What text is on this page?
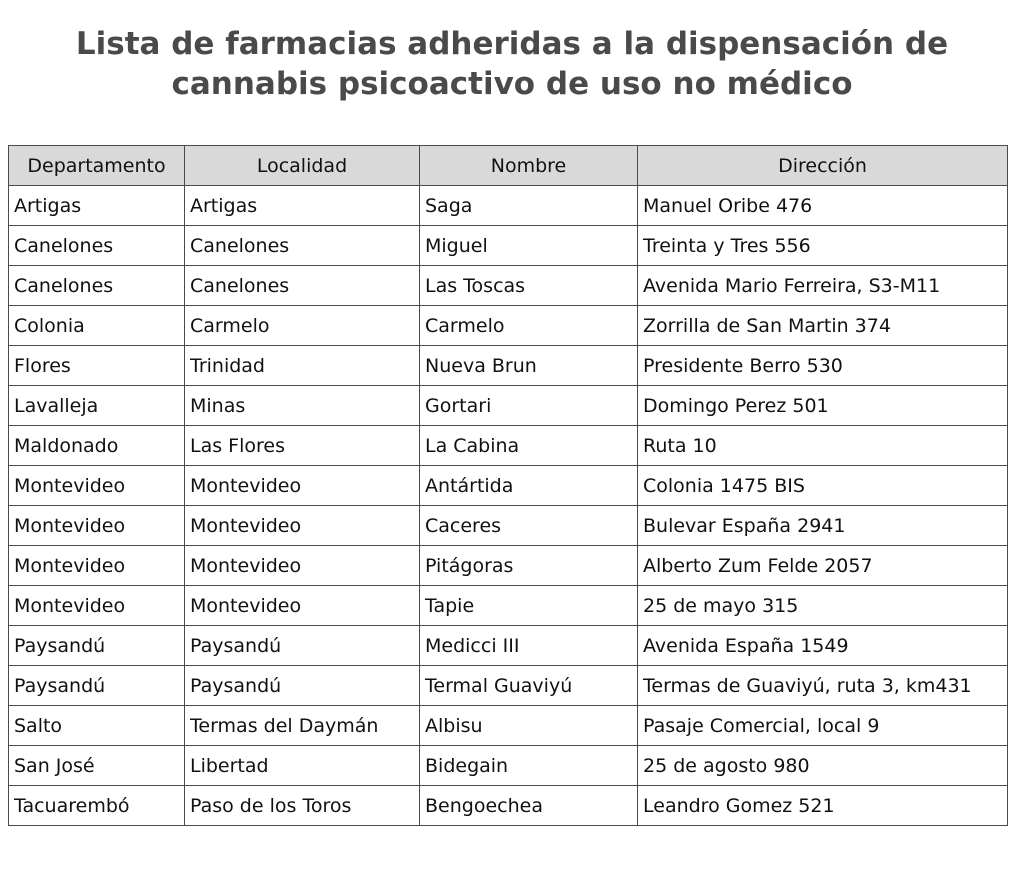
Lista de farmacias adheridas a la dispensación de
cannabis psicoactivo de uso no médico
Departamento	Localidad	Nombre	Dirección
Artigas	Artigas	Saga	Manuel Oribe 476
Canelones	Canelones	Miguel	Treinta y Tres 556
Canelones	Canelones	Las Toscas	Avenida Mario Ferreira, S3-M11
Colonia	Carmelo	Carmelo	Zorrilla de San Martin 374
Flores	Trinidad	Nueva Brun	Presidente Berro 530
Lavalleja	Minas	Gortari	Domingo Perez 501
Maldonado	Las Flores	La Cabina	Ruta 10
Montevideo	Montevideo	Antártida	Colonia 1475 BIS
Montevideo	Montevideo	Caceres	Bulevar España 2941
Montevideo	Montevideo	Pitágoras	Alberto Zum Felde 2057
Montevideo	Montevideo	Tapie	25 de mayo 315
Paysandú	Paysandú	Medicci III	Avenida España 1549
Paysandú	Paysandú	Termal Guaviyú	Termas de Guaviyú, ruta 3, km431
Salto	Termas del Daymán	Albisu	Pasaje Comercial, local 9
San José	Libertad	Bidegain	25 de agosto 980
Tacuarembó	Paso de los Toros	Bengoechea	Leandro Gomez 521
